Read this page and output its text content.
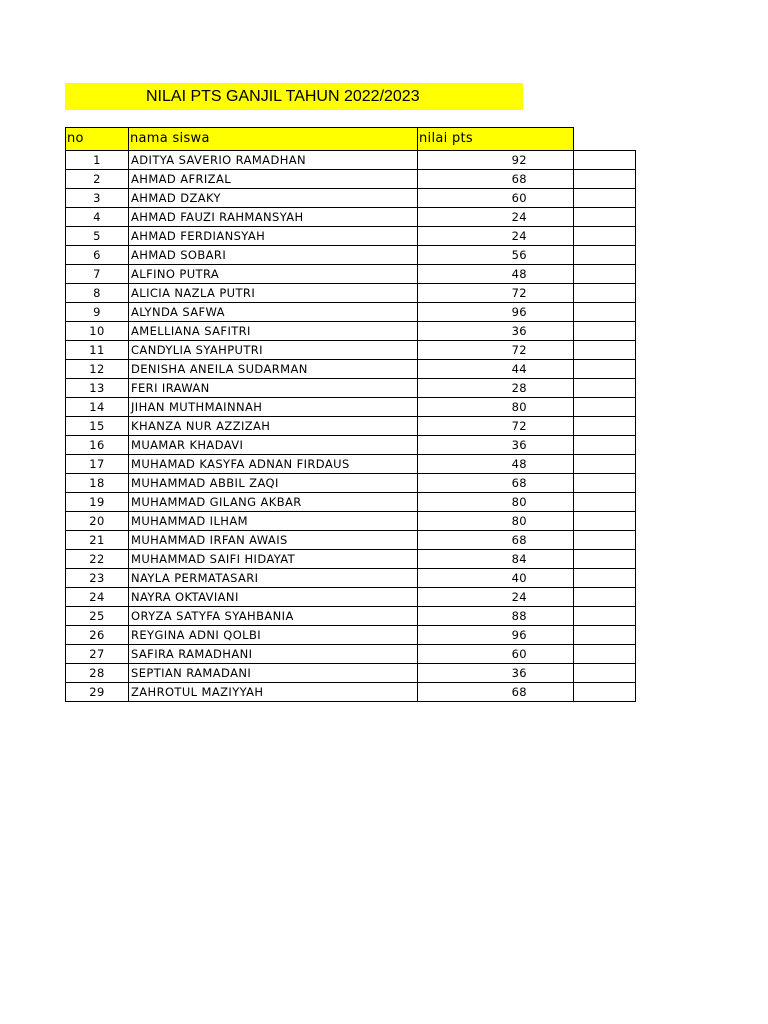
NILAI PTS GANJIL TAHUN 2022/2023
no	nama siswa	nilai pts	
1	ADITYA SAVERIO RAMADHAN	92	
2	AHMAD AFRIZAL	68	
3	AHMAD DZAKY	60	
4	AHMAD FAUZI RAHMANSYAH	24	
5	AHMAD FERDIANSYAH	24	
6	AHMAD SOBARI	56	
7	ALFINO PUTRA	48	
8	ALICIA NAZLA PUTRI	72	
9	ALYNDA SAFWA	96	
10	AMELLIANA SAFITRI	36	
11	CANDYLIA SYAHPUTRI	72	
12	DENISHA ANEILA SUDARMAN	44	
13	FERI IRAWAN	28	
14	JIHAN MUTHMAINNAH	80	
15	KHANZA NUR AZZIZAH	72	
16	MUAMAR KHADAVI	36	
17	MUHAMAD KASYFA ADNAN FIRDAUS	48	
18	MUHAMMAD ABBIL ZAQI	68	
19	MUHAMMAD GILANG AKBAR	80	
20	MUHAMMAD ILHAM	80	
21	MUHAMMAD IRFAN AWAIS	68	
22	MUHAMMAD SAIFI HIDAYAT	84	
23	NAYLA PERMATASARI	40	
24	NAYRA OKTAVIANI	24	
25	ORYZA SATYFA SYAHBANIA	88	
26	REYGINA ADNI QOLBI	96	
27	SAFIRA RAMADHANI	60	
28	SEPTIAN RAMADANI	36	
29	ZAHROTUL MAZIYYAH	68	
